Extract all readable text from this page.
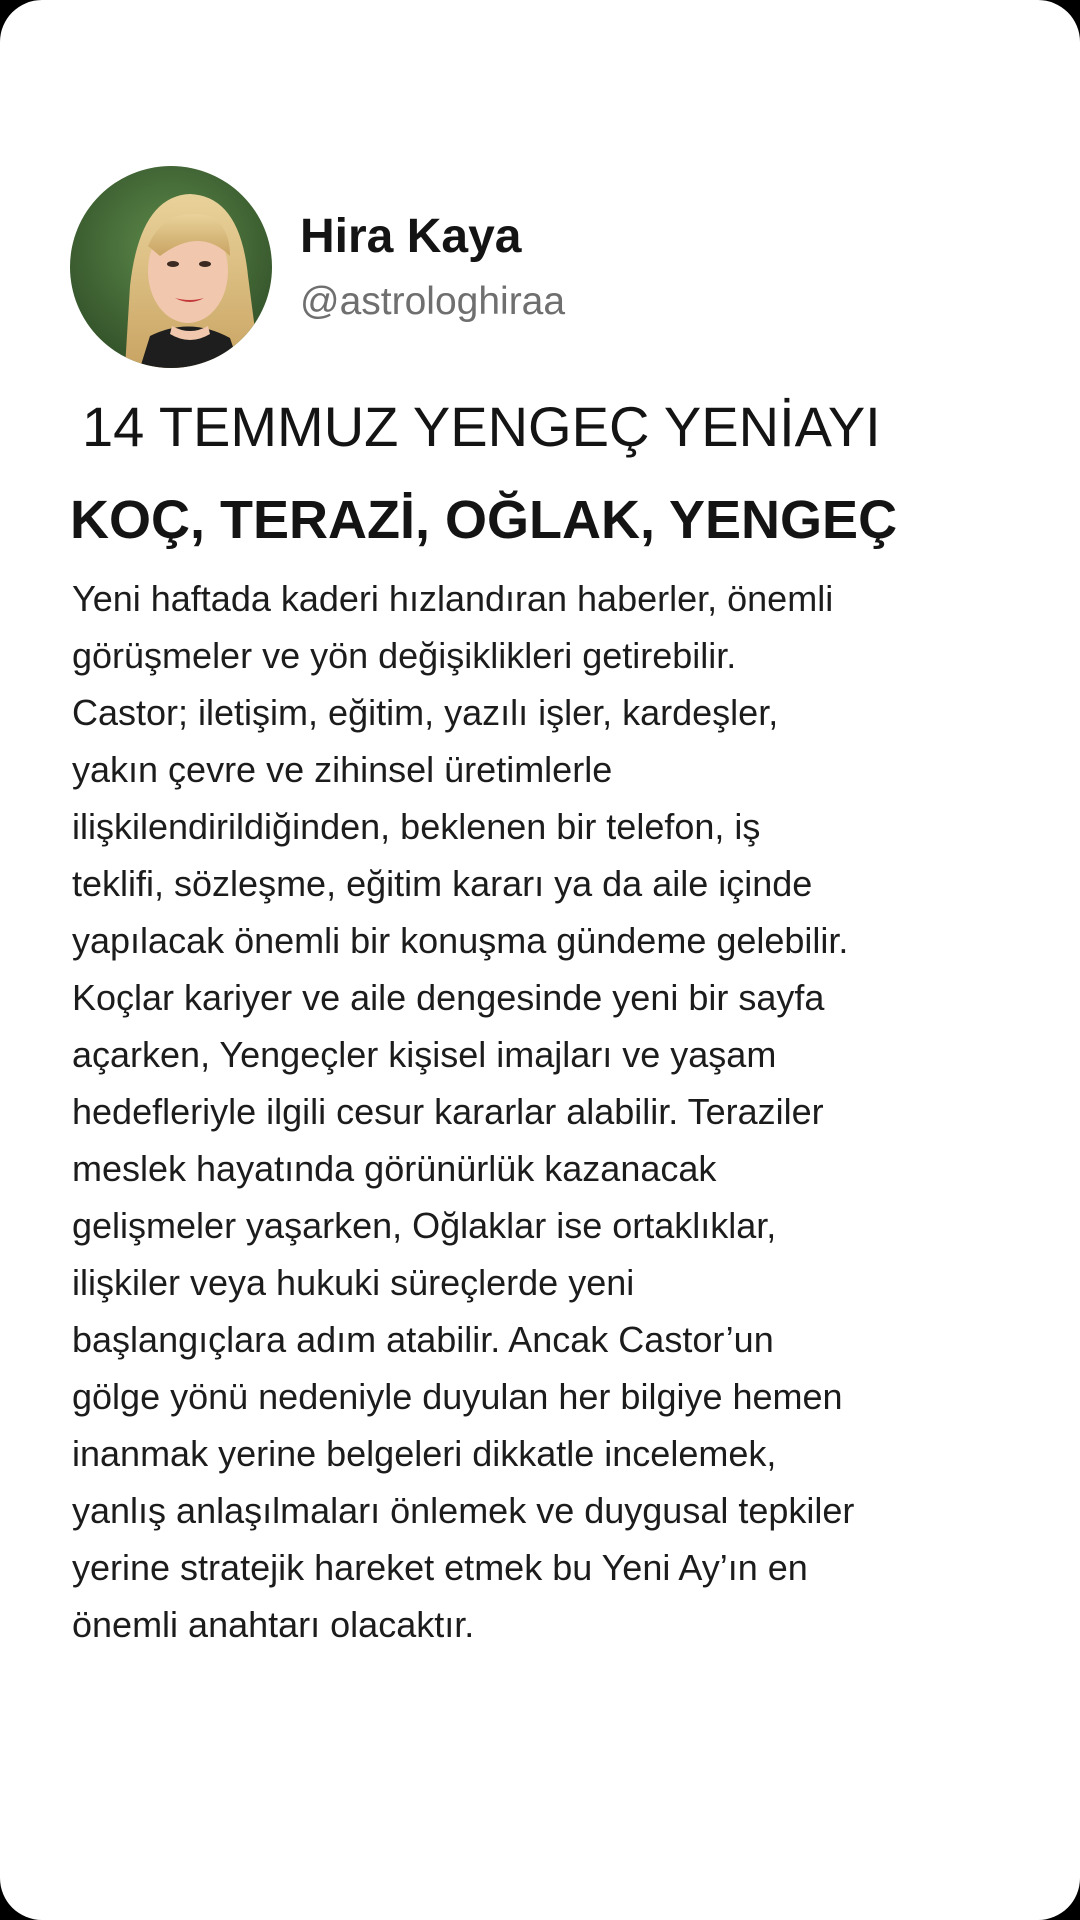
Hira Kaya
@astrologhiraa
14 TEMMUZ YENGEÇ YENİAYI
KOÇ, TERAZİ, OĞLAK, YENGEÇ
Yeni haftada kaderi hızlandıran haberler, önemli
görüşmeler ve yön değişiklikleri getirebilir.
Castor; iletişim, eğitim, yazılı işler, kardeşler,
yakın çevre ve zihinsel üretimlerle
ilişkilendirildiğinden, beklenen bir telefon, iş
teklifi, sözleşme, eğitim kararı ya da aile içinde
yapılacak önemli bir konuşma gündeme gelebilir.
Koçlar kariyer ve aile dengesinde yeni bir sayfa
açarken, Yengeçler kişisel imajları ve yaşam
hedefleriyle ilgili cesur kararlar alabilir. Teraziler
meslek hayatında görünürlük kazanacak
gelişmeler yaşarken, Oğlaklar ise ortaklıklar,
ilişkiler veya hukuki süreçlerde yeni
başlangıçlara adım atabilir. Ancak Castor’un
gölge yönü nedeniyle duyulan her bilgiye hemen
inanmak yerine belgeleri dikkatle incelemek,
yanlış anlaşılmaları önlemek ve duygusal tepkiler
yerine stratejik hareket etmek bu Yeni Ay’ın en
önemli anahtarı olacaktır.
